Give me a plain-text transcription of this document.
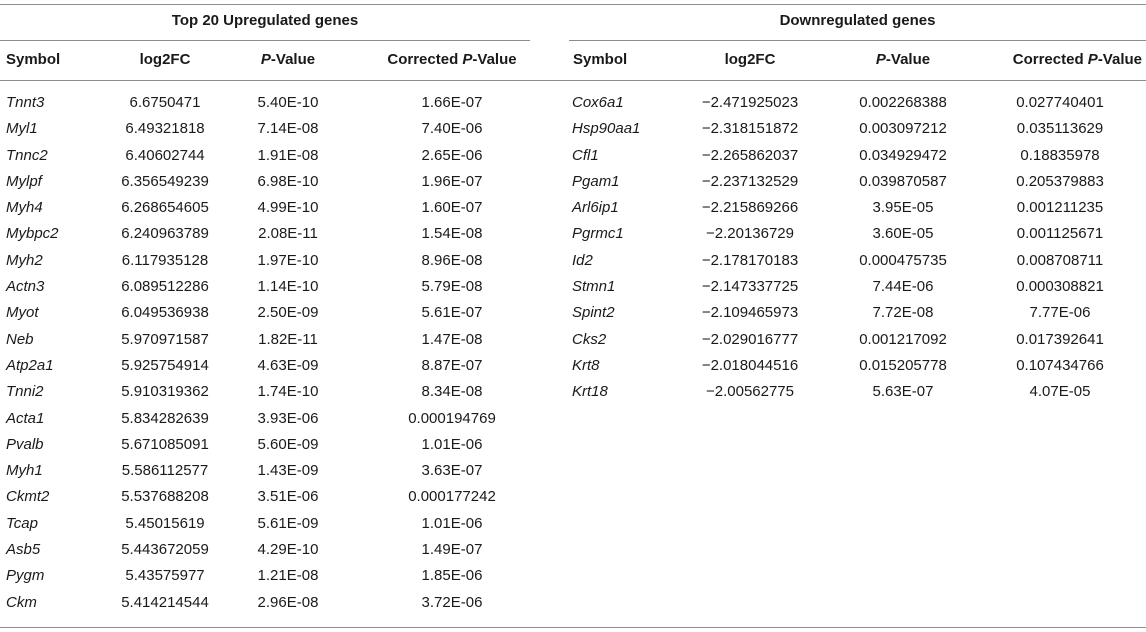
Top 20 Upregulated genes	Downregulated genes
Symbol	log2FC	P-Value	Corrected P-Value	Symbol	log2FC	P-Value	Corrected P-Value
Tnnt3	6.6750471	5.40E-10	1.66E-07
Myl1	6.49321818	7.14E-08	7.40E-06
Tnnc2	6.40602744	1.91E-08	2.65E-06
Mylpf	6.356549239	6.98E-10	1.96E-07
Myh4	6.268654605	4.99E-10	1.60E-07
Mybpc2	6.240963789	2.08E-11	1.54E-08
Myh2	6.117935128	1.97E-10	8.96E-08
Actn3	6.089512286	1.14E-10	5.79E-08
Myot	6.049536938	2.50E-09	5.61E-07
Neb	5.970971587	1.82E-11	1.47E-08
Atp2a1	5.925754914	4.63E-09	8.87E-07
Tnni2	5.910319362	1.74E-10	8.34E-08
Acta1	5.834282639	3.93E-06	0.000194769
Pvalb	5.671085091	5.60E-09	1.01E-06
Myh1	5.586112577	1.43E-09	3.63E-07
Ckmt2	5.537688208	3.51E-06	0.000177242
Tcap	5.45015619	5.61E-09	1.01E-06
Asb5	5.443672059	4.29E-10	1.49E-07
Pygm	5.43575977	1.21E-08	1.85E-06
Ckm	5.414214544	2.96E-08	3.72E-06
Cox6a1	−2.471925023	0.002268388	0.027740401
Hsp90aa1	−2.318151872	0.003097212	0.035113629
Cfl1	−2.265862037	0.034929472	0.18835978
Pgam1	−2.237132529	0.039870587	0.205379883
Arl6ip1	−2.215869266	3.95E-05	0.001211235
Pgrmc1	−2.20136729	3.60E-05	0.001125671
Id2	−2.178170183	0.000475735	0.008708711
Stmn1	−2.147337725	7.44E-06	0.000308821
Spint2	−2.109465973	7.72E-08	7.77E-06
Cks2	−2.029016777	0.001217092	0.017392641
Krt8	−2.018044516	0.015205778	0.107434766
Krt18	−2.00562775	5.63E-07	4.07E-05
